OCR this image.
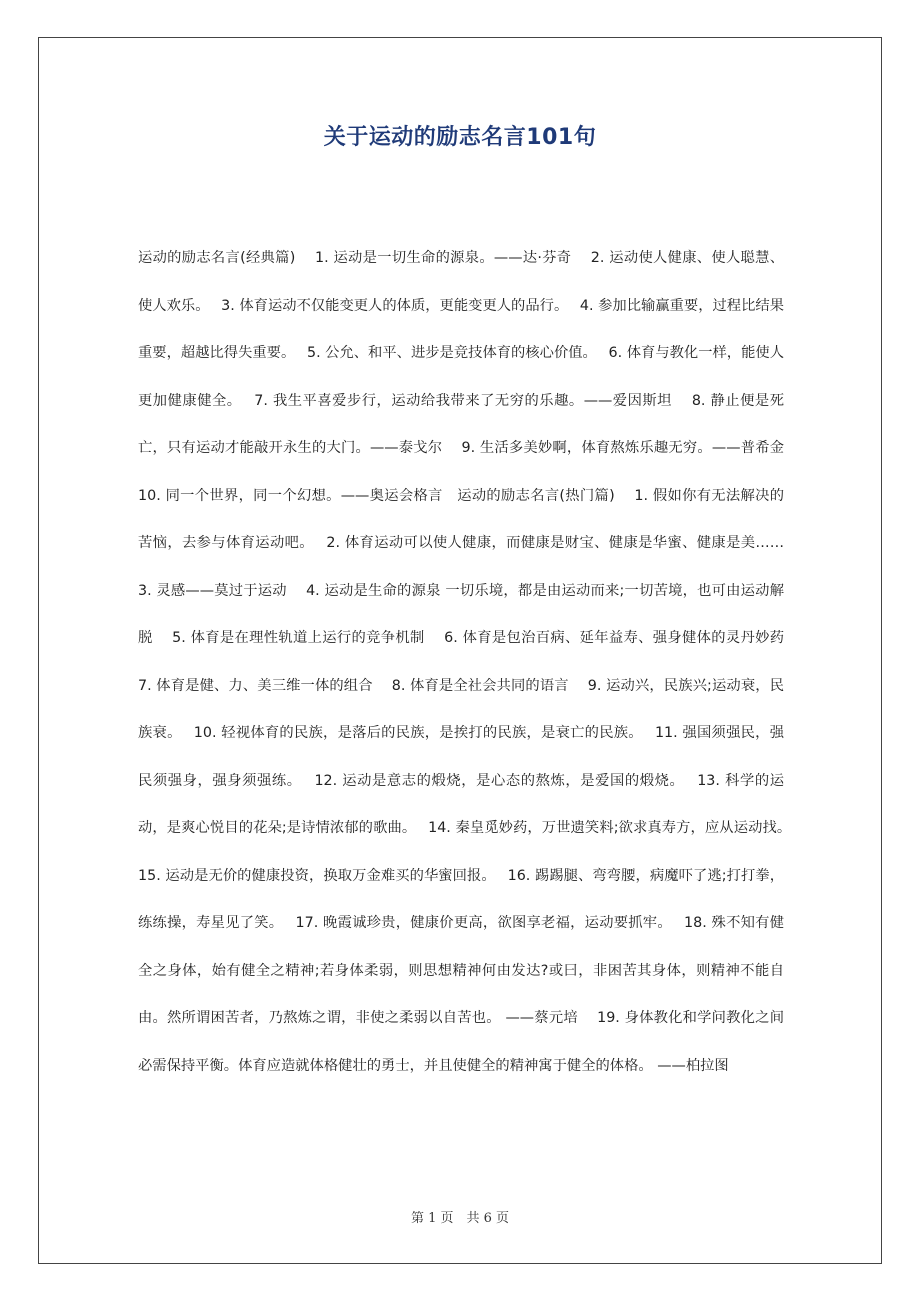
关于运动的励志名言101句
运动的励志名言(经典篇)　 1. 运动是一切生命的源泉。——达·芬奇　 2. 运动使人健康、使人聪慧、使人欢乐。　 3. 体育运动不仅能变更人的体质，更能变更人的品行。　 4. 参加比输赢重要，过程比结果重要，超越比得失重要。　 5. 公允、和平、进步是竞技体育的核心价值。　 6. 体育与教化一样，能使人更加健康健全。　 7. 我生平喜爱步行，运动给我带来了无穷的乐趣。——爱因斯坦　 8. 静止便是死亡，只有运动才能敲开永生的大门。——泰戈尔　 9. 生活多美妙啊，体育熬炼乐趣无穷。——普希金　 10. 同一个世界，同一个幻想。——奥运会格言　运动的励志名言(热门篇)　 1. 假如你有无法解决的苦恼，去参与体育运动吧。　 2. 体育运动可以使人健康，而健康是财宝、健康是华蜜、健康是美……　 3. 灵感——莫过于运动　 4. 运动是生命的源泉 一切乐境，都是由运动而来;一切苦境，也可由运动解脱　 5. 体育是在理性轨道上运行的竞争机制　 6. 体育是包治百病、延年益寿、强身健体的灵丹妙药　 7. 体育是健、力、美三维一体的组合　 8. 体育是全社会共同的语言　 9. 运动兴，民族兴;运动衰，民族衰。　 10. 轻视体育的民族，是落后的民族，是挨打的民族，是衰亡的民族。　 11. 强国须强民，强民须强身，强身须强练。　 12. 运动是意志的煅烧，是心态的熬炼，是爱国的煅烧。　 13. 科学的运动，是爽心悦目的花朵;是诗情浓郁的歌曲。　 14. 秦皇觅妙药，万世遗笑料;欲求真寿方，应从运动找。　 15. 运动是无价的健康投资，换取万金难买的华蜜回报。　 16. 踢踢腿、弯弯腰，病魔吓了逃;打打拳，练练操，寿星见了笑。　 17. 晚霞诚珍贵，健康价更高，欲图享老福，运动要抓牢。　 18. 殊不知有健全之身体，始有健全之精神;若身体柔弱，则思想精神何由发达?或曰，非困苦其身体，则精神不能自由。然所谓困苦者，乃熬炼之谓，非使之柔弱以自苦也。 ——蔡元培　 19. 身体教化和学问教化之间必需保持平衡。体育应造就体格健壮的勇士，并且使健全的精神寓于健全的体格。 ——柏拉图
第 1 页　共 6 页
